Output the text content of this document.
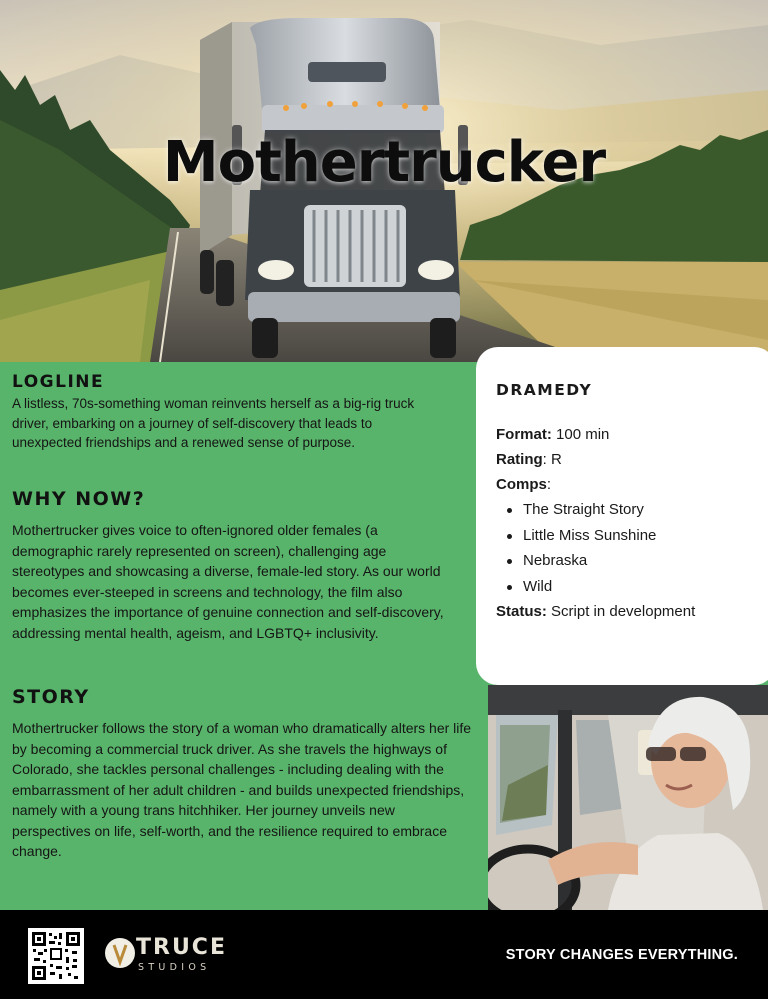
Mothertrucker
LOGLINE
A listless, 70s-something woman reinvents herself as a big-rig truck driver, embarking on a journey of self-discovery that leads to unexpected friendships and a renewed sense of purpose.
WHY NOW?
Mothertrucker gives voice to often-ignored older females (a demographic rarely represented on screen), challenging age stereotypes and showcasing a diverse, female-led story. As our world becomes ever-steeped in screens and technology, the film also emphasizes the importance of genuine connection and self-discovery, addressing mental health, ageism, and LGBTQ+ inclusivity.
STORY
Mothertrucker follows the story of a woman who dramatically alters her life by becoming a commercial truck driver. As she travels the highways of Colorado, she tackles personal challenges - including dealing with the embarrassment of her adult children - and builds unexpected friendships, namely with a young trans hitchhiker. Her journey unveils new perspectives on life, self-worth, and the resilience required to embrace change.
DRAMEDY
Format: 100 min
Rating: R
Comps:
The Straight Story
Little Miss Sunshine
Nebraska
Wild
Status: Script in development
TRUCE
STUDIOS
STORY CHANGES EVERYTHING.
